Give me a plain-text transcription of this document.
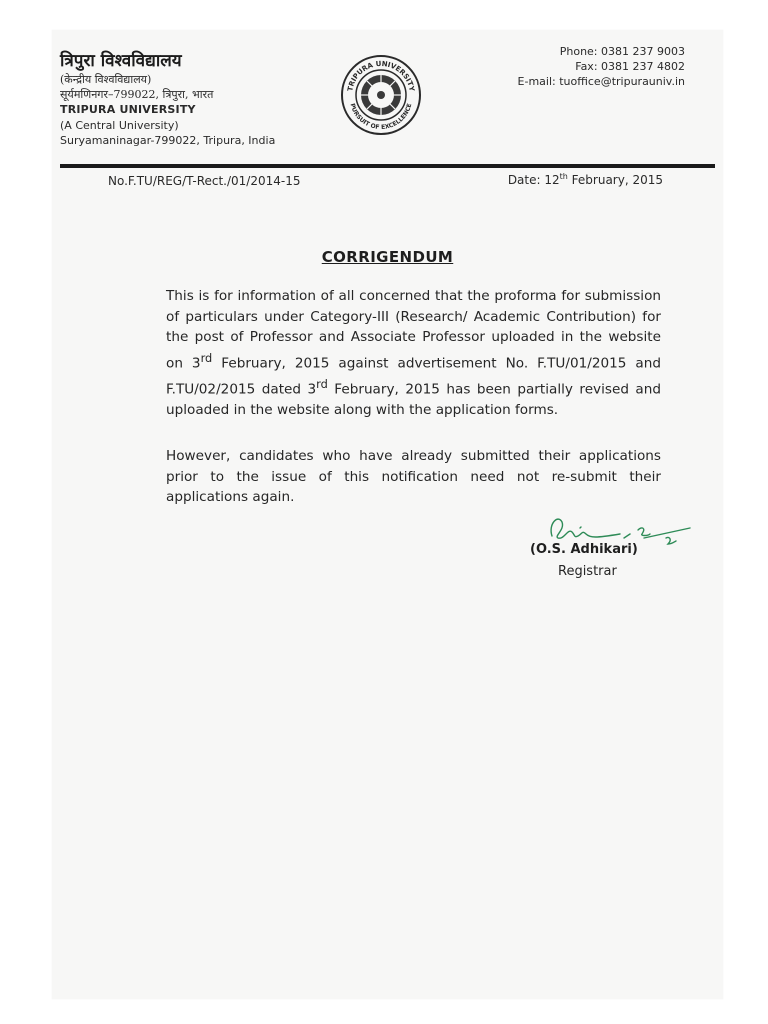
त्रिपुरा विश्वविद्यालय
(केन्द्रीय विश्वविद्यालय)
सूर्यमणिनगर–799022, त्रिपुरा, भारत
TRIPURA UNIVERSITY
(A Central University)
Suryamaninagar-799022, Tripura, India
TRIPURA UNIVERSITY
PURSUIT OF EXCELLENCE
Phone: 0381 237 9003
Fax: 0381 237 4802
E-mail: tuoffice@tripurauniv.in
No.F.TU/REG/T-Rect./01/2014-15	Date: 12th February, 2015
CORRIGENDUM
This is for information of all concerned that the proforma for submission of particulars under Category-III (Research/ Academic Contribution) for the post of Professor and Associate Professor uploaded in the website on 3rd February, 2015 against advertisement No. F.TU/01/2015 and F.TU/02/2015 dated 3rd February, 2015 has been partially revised and uploaded in the website along with the application forms.
However, candidates who have already submitted their applications prior to the issue of this notification need not re-submit their applications again.
(O.S. Adhikari)
Registrar
